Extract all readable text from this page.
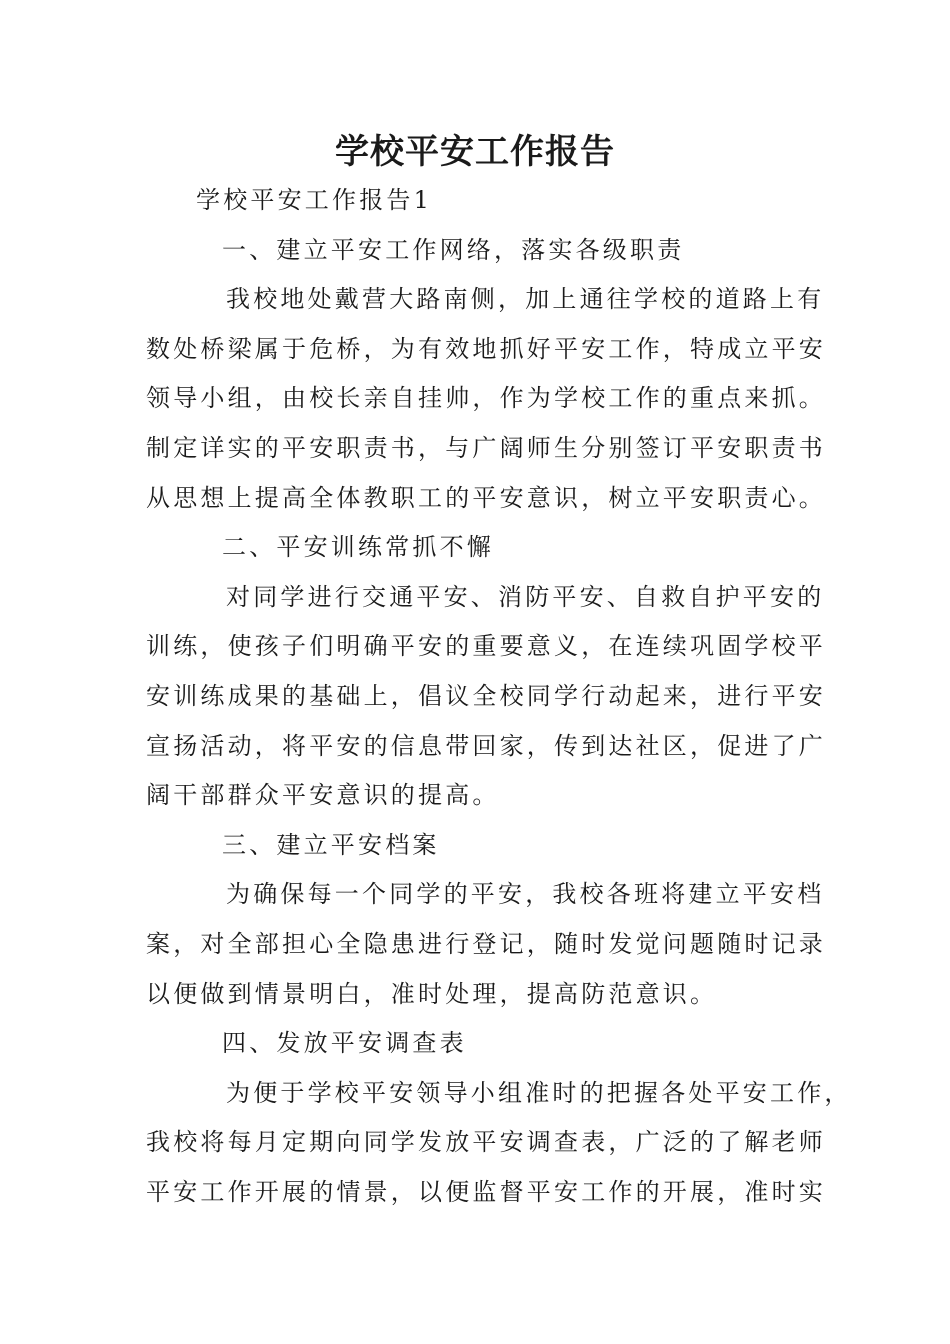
学校平安工作报告

学校平安工作报告1

一、建立平安工作网络，落实各级职责

我校地处戴营大路南侧，加上通往学校的道路上有

数处桥梁属于危桥，为有效地抓好平安工作，特成立平安

领导小组，由校长亲自挂帅，作为学校工作的重点来抓。

制定详实的平安职责书，与广阔师生分别签订平安职责书

从思想上提高全体教职工的平安意识，树立平安职责心。

二、平安训练常抓不懈

对同学进行交通平安、消防平安、自救自护平安的

训练，使孩子们明确平安的重要意义，在连续巩固学校平

安训练成果的基础上，倡议全校同学行动起来，进行平安

宣扬活动，将平安的信息带回家，传到达社区，促进了广

阔干部群众平安意识的提高。

三、建立平安档案

为确保每一个同学的平安，我校各班将建立平安档

案，对全部担心全隐患进行登记，随时发觉问题随时记录

以便做到情景明白，准时处理，提高防范意识。

四、发放平安调查表

为便于学校平安领导小组准时的把握各处平安工作，

我校将每月定期向同学发放平安调查表，广泛的了解老师

平安工作开展的情景，以便监督平安工作的开展，准时实
